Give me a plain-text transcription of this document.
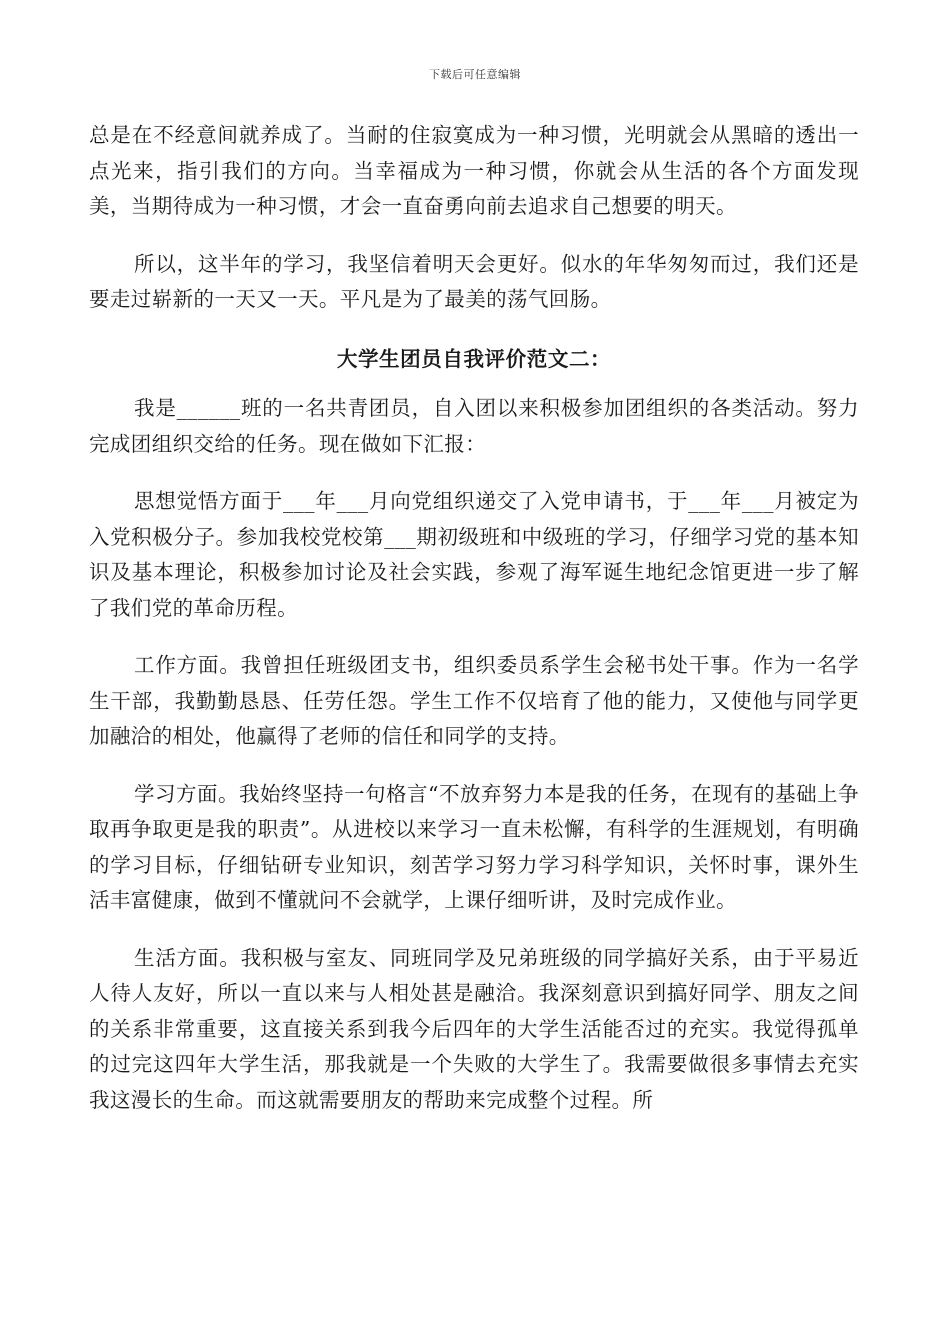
下载后可任意编辑

总是在不经意间就养成了。当耐的住寂寞成为一种习惯，光明就会从黑暗的透出一点光来，指引我们的方向。当幸福成为一种习惯，你就会从生活的各个方面发现美，当期待成为一种习惯，才会一直奋勇向前去追求自己想要的明天。

所以，这半年的学习，我坚信着明天会更好。似水的年华匆匆而过，我们还是要走过崭新的一天又一天。平凡是为了最美的荡气回肠。

大学生团员自我评价范文二：

我是______班的一名共青团员，自入团以来积极参加团组织的各类活动。努力完成团组织交给的任务。现在做如下汇报：

思想觉悟方面于___年___月向党组织递交了入党申请书，于___年___月被定为入党积极分子。参加我校党校第___期初级班和中级班的学习，仔细学习党的基本知识及基本理论，积极参加讨论及社会实践，参观了海军诞生地纪念馆更进一步了解了我们党的革命历程。

工作方面。我曾担任班级团支书，组织委员系学生会秘书处干事。作为一名学生干部，我勤勤恳恳、任劳任怨。学生工作不仅培育了他的能力，又使他与同学更加融洽的相处，他赢得了老师的信任和同学的支持。

学习方面。我始终坚持一句格言“不放弃努力本是我的任务，在现有的基础上争取再争取更是我的职责”。从进校以来学习一直未松懈，有科学的生涯规划，有明确的学习目标，仔细钻研专业知识，刻苦学习努力学习科学知识，关怀时事，课外生活丰富健康，做到不懂就问不会就学，上课仔细听讲，及时完成作业。

生活方面。我积极与室友、同班同学及兄弟班级的同学搞好关系，由于平易近人待人友好，所以一直以来与人相处甚是融洽。我深刻意识到搞好同学、朋友之间的关系非常重要，这直接关系到我今后四年的大学生活能否过的充实。我觉得孤单的过完这四年大学生活，那我就是一个失败的大学生了。我需要做很多事情去充实我这漫长的生命。而这就需要朋友的帮助来完成整个过程。所
